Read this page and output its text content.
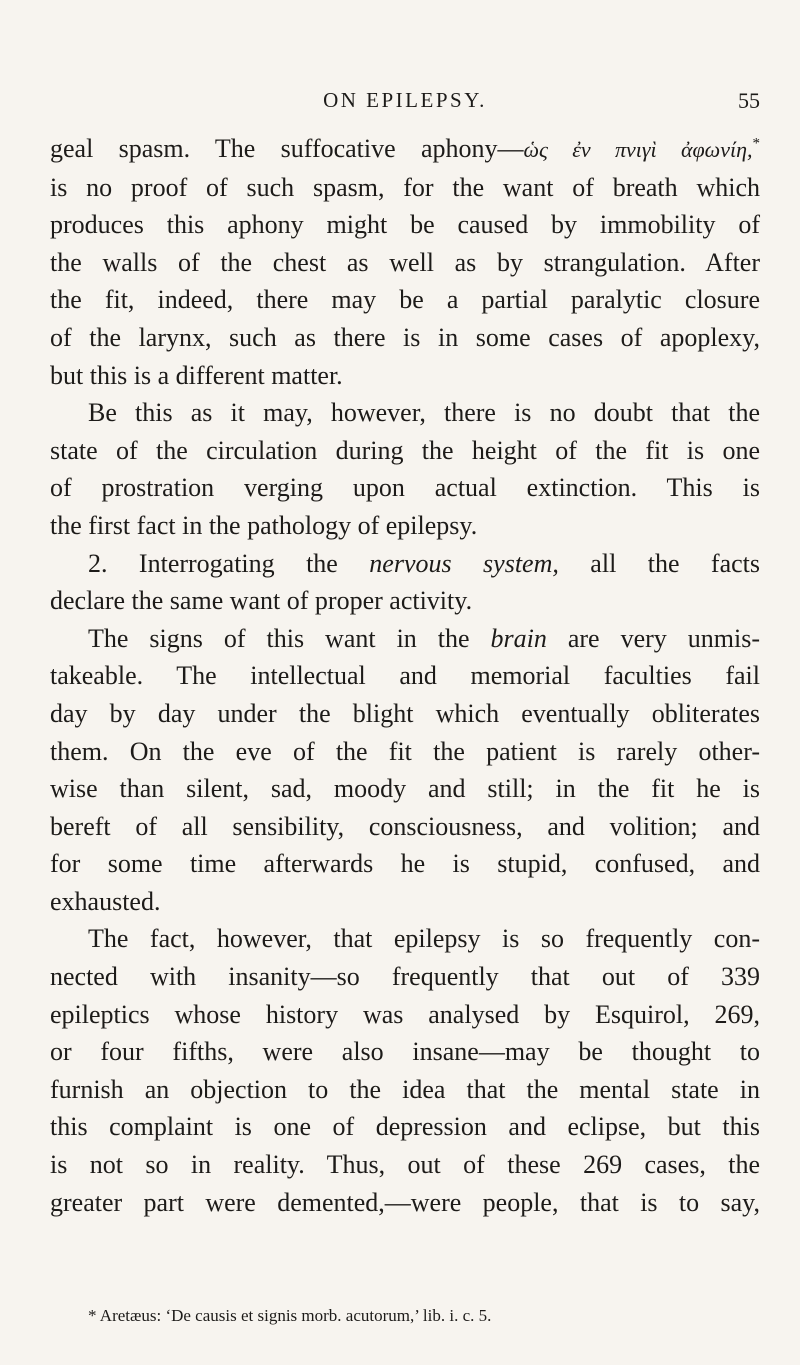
ON EPILEPSY.	55
geal spasm. The suffocative aphony—ὡς ἐν πνιγὶ ἀφωνίη,*
is no proof of such spasm, for the want of breath which
produces this aphony might be caused by immobility of
the walls of the chest as well as by strangulation. After
the fit, indeed, there may be a partial paralytic closure
of the larynx, such as there is in some cases of apoplexy,
but this is a different matter.
Be this as it may, however, there is no doubt that the
state of the circulation during the height of the fit is one
of prostration verging upon actual extinction. This is
the first fact in the pathology of epilepsy.
2. Interrogating the nervous system, all the facts
declare the same want of proper activity.
The signs of this want in the brain are very unmis-
takeable. The intellectual and memorial faculties fail
day by day under the blight which eventually obliterates
them. On the eve of the fit the patient is rarely other-
wise than silent, sad, moody and still; in the fit he is
bereft of all sensibility, consciousness, and volition; and
for some time afterwards he is stupid, confused, and
exhausted.
The fact, however, that epilepsy is so frequently con-
nected with insanity—so frequently that out of 339
epileptics whose history was analysed by Esquirol, 269,
or four fifths, were also insane—may be thought to
furnish an objection to the idea that the mental state in
this complaint is one of depression and eclipse, but this
is not so in reality. Thus, out of these 269 cases, the
greater part were demented,—were people, that is to say,
* Aretæus: ‘De causis et signis morb. acutorum,’ lib. i. c. 5.
